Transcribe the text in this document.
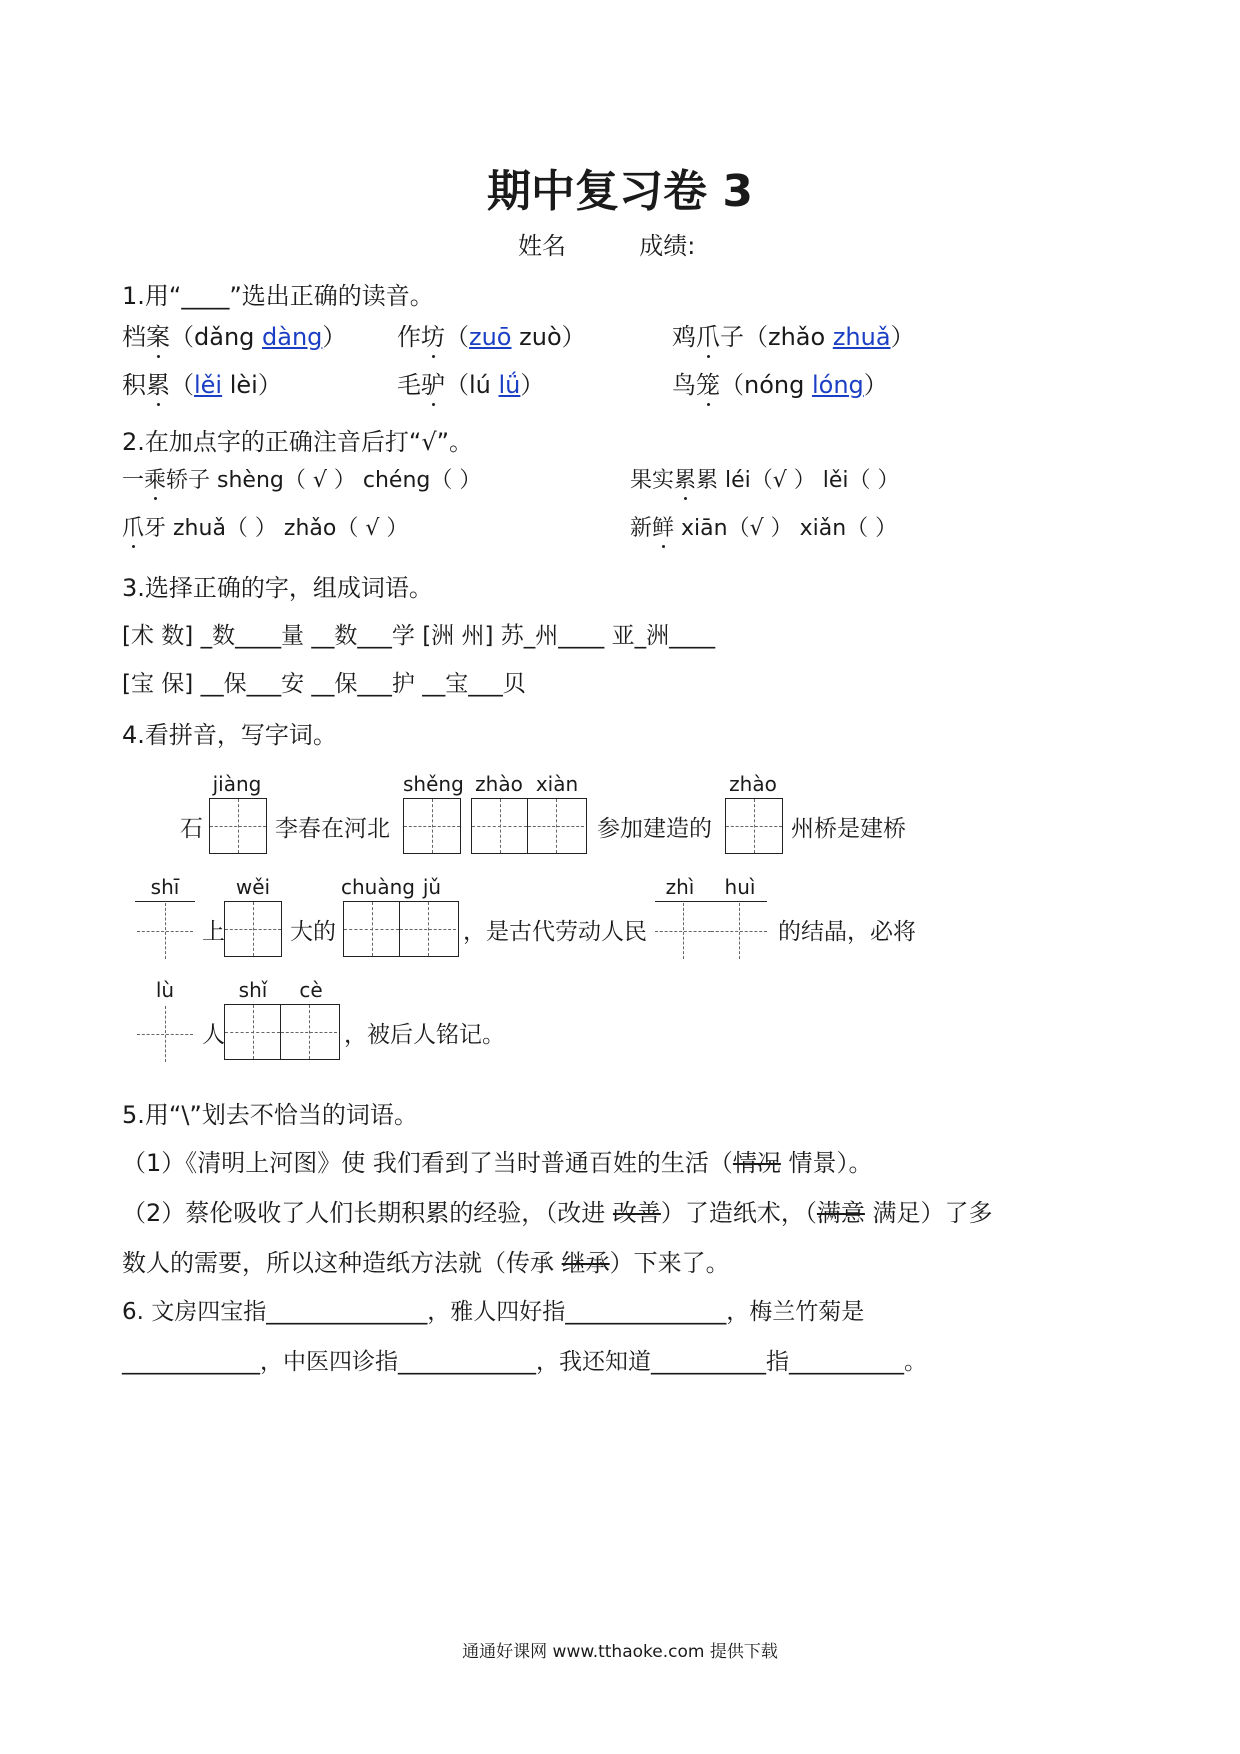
期中复习卷 3
姓名	成绩:
1.用“____”选出正确的读音。
档案（dǎng dàng） 作坊（zuō zuò）	鸡爪子（zhǎo zhuǎ）
积累（lěi lèi）	毛驴（lú lǘ）	鸟笼（nóng lóng）
2.在加点字的正确注音后打“√”。
一乘轿子 shèng（ √ ） chéng（ ）	果实累累 léi（√ ） lěi（ ）
爪牙 zhuǎ（ ） zhǎo（ √ ）	新鲜 xiān（√ ） xiǎn（ ）
3.选择正确的字，组成词语。
[术 数] _数____量 __数___学 [洲 州] 苏_州____ 亚_洲____
[宝 保] __保___安 __保___护 __宝___贝
4.看拼音，写字词。
石
jiàng
李春在河北
shěng zhào xiàn
参加建造的
zhào
州桥是建桥
shī
上
wěi
大的
chuàng jǔ
，是古代劳动人民
zhì	huì
的结晶，必将
lù
人
shǐ	cè
，被后人铭记。
5.用“\”划去不恰当的词语。
（1）《清明上河图》使 我们看到了当时普通百姓的生活（情况 情景）。
（2）蔡伦吸收了人们长期积累的经验，（改进 改善）了造纸术，（满意 满足）了多
数人的需要，所以这种造纸方法就（传承 继承）下来了。
6. 文房四宝指______________，雅人四好指______________，梅兰竹菊是
____________，中医四诊指____________，我还知道__________指__________。
通通好课网 www.tthaoke.com 提供下载
